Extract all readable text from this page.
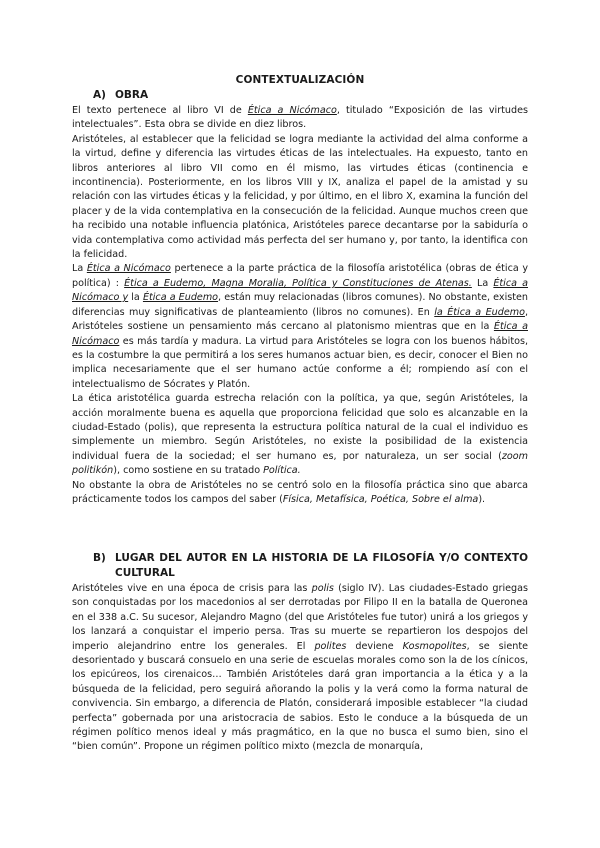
CONTEXTUALIZACIÓN
A) OBRA

El texto pertenece al libro VI de Ética a Nicómaco, titulado “Exposición de las virtudes intelectuales”. Esta obra se divide en diez libros.

Aristóteles, al establecer que la felicidad se logra mediante la actividad del alma conforme a la virtud, define y diferencia las virtudes éticas de las intelectuales. Ha expuesto, tanto en libros anteriores al libro VII como en él mismo, las virtudes éticas (continencia e incontinencia). Posteriormente, en los libros VIII y IX, analiza el papel de la amistad y su relación con las virtudes éticas y la felicidad, y por último, en el libro X, examina la función del placer y de la vida contemplativa en la consecución de la felicidad. Aunque muchos creen que ha recibido una notable influencia platónica, Aristóteles parece decantarse por la sabiduría o vida contemplativa como actividad más perfecta del ser humano y, por tanto, la identifica con la felicidad.

La Ética a Nicómaco pertenece a la parte práctica de la filosofía aristotélica (obras de ética y política) : Ética a Eudemo, Magna Moralia, Política y Constituciones de Atenas. La Ética a Nicómaco y la Ética a Eudemo, están muy relacionadas (libros comunes). No obstante, existen diferencias muy significativas de planteamiento (libros no comunes). En la Ética a Eudemo, Aristóteles sostiene un pensamiento más cercano al platonismo mientras que en la Ética a Nicómaco es más tardía y madura. La virtud para Aristóteles se logra con los buenos hábitos, es la costumbre la que permitirá a los seres humanos actuar bien, es decir, conocer el Bien no implica necesariamente que el ser humano actúe conforme a él; rompiendo así con el intelectualismo de Sócrates y Platón.

La ética aristotélica guarda estrecha relación con la política, ya que, según Aristóteles, la acción moralmente buena es aquella que proporciona felicidad que solo es alcanzable en la ciudad-Estado (polis), que representa la estructura política natural de la cual el individuo es simplemente un miembro. Según Aristóteles, no existe la posibilidad de la existencia individual fuera de la sociedad; el ser humano es, por naturaleza, un ser social (zoom politikón), como sostiene en su tratado Política.

No obstante la obra de Aristóteles no se centró solo en la filosofía práctica sino que abarca prácticamente todos los campos del saber (Física, Metafísica, Poética, Sobre el alma).

B) LUGAR DEL AUTOR EN LA HISTORIA DE LA FILOSOFÍA Y/O CONTEXTO
CULTURAL

Aristóteles vive en una época de crisis para las polis (siglo IV). Las ciudades-Estado griegas son conquistadas por los macedonios al ser derrotadas por Filipo II en la batalla de Queronea en el 338 a.C. Su sucesor, Alejandro Magno (del que Aristóteles fue tutor) unirá a los griegos y los lanzará a conquistar el imperio persa. Tras su muerte se repartieron los despojos del imperio alejandrino entre los generales. El polites deviene Kosmopolites, se siente desorientado y buscará consuelo en una serie de escuelas morales como son la de los cínicos, los epicúreos, los cirenaicos… También Aristóteles dará gran importancia a la ética y a la búsqueda de la felicidad, pero seguirá añorando la polis y la verá como la forma natural de convivencia. Sin embargo, a diferencia de Platón, considerará imposible establecer “la ciudad perfecta” gobernada por una aristocracia de sabios. Esto le conduce a la búsqueda de un régimen político menos ideal y más pragmático, en la que no busca el sumo bien, sino el “bien común”. Propone un régimen político mixto (mezcla de monarquía,
